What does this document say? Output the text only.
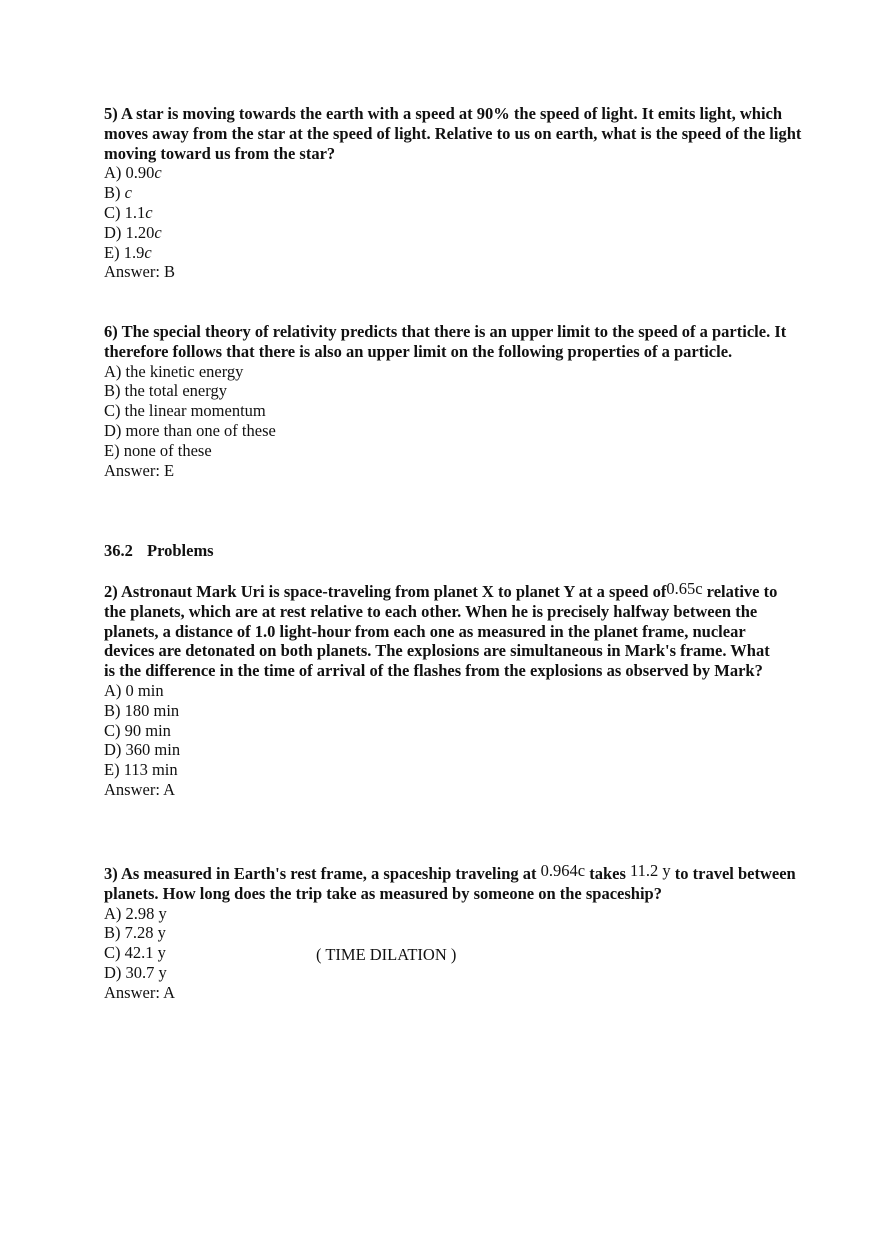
5) A star is moving towards the earth with a speed at 90% the speed of light. It emits light, which moves away from the star at the speed of light. Relative to us on earth, what is the speed of the light moving toward us from the star?

A) 0.90c

B) c

C) 1.1c

D) 1.20c

E) 1.9c

Answer: B

6) The special theory of relativity predicts that there is an upper limit to the speed of a particle. It therefore follows that there is also an upper limit on the following properties of a particle.

A) the kinetic energy

B) the total energy

C) the linear momentum

D) more than one of these

E) none of these

Answer: E

36.2 Problems

2) Astronaut Mark Uri is space-traveling from planet X to planet Y at a speed of0.65c relative to the planets, which are at rest relative to each other. When he is precisely halfway between the planets, a distance of 1.0 light-hour from each one as measured in the planet frame, nuclear devices are detonated on both planets. The explosions are simultaneous in Mark's frame. What is the difference in the time of arrival of the flashes from the explosions as observed by Mark?

A) 0 min

B) 180 min

C) 90 min

D) 360 min

E) 113 min

Answer: A

3) As measured in Earth's rest frame, a spaceship traveling at 0.964c takes 11.2 y to travel between planets. How long does the trip take as measured by someone on the spaceship?

A) 2.98 y

B) 7.28 y

C) 42.1 y

D) 30.7 y

Answer: A

( TIME DILATION )
